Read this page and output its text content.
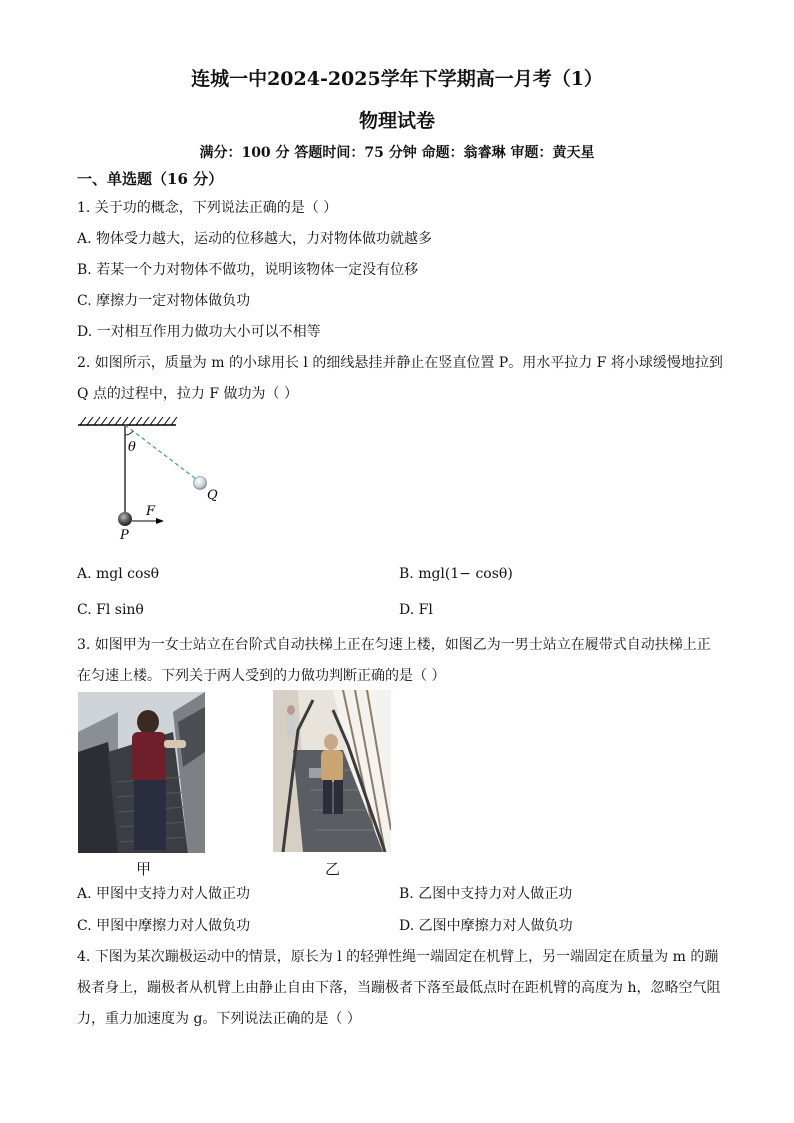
连城一中2024-2025学年下学期高一月考（1）
物理试卷
满分：100 分 答题时间：75 分钟 命题：翁睿琳 审题：黄天星
一、单选题（16 分）
1. 关于功的概念，下列说法正确的是（ ）
A. 物体受力越大，运动的位移越大，力对物体做功就越多
B. 若某一个力对物体不做功，说明该物体一定没有位移
C. 摩擦力一定对物体做负功
D. 一对相互作用力做功大小可以不相等
2. 如图所示，质量为 m 的小球用长 l 的细线悬挂并静止在竖直位置 P。用水平拉力 F 将小球缓慢地拉到
Q 点的过程中，拉力 F 做功为（ ）
θ
Q
F
P
A. mgl cosθ	B. mgl(1− cosθ)
C. Fl sinθ	D. Fl
3. 如图甲为一女士站立在台阶式自动扶梯上正在匀速上楼，如图乙为一男士站立在履带式自动扶梯上正
在匀速上楼。下列关于两人受到的力做功判断正确的是（ ）
甲	乙
A. 甲图中支持力对人做正功	B. 乙图中支持力对人做正功
C. 甲图中摩擦力对人做负功	D. 乙图中摩擦力对人做负功
4. 下图为某次蹦极运动中的情景，原长为 l 的轻弹性绳一端固定在机臂上，另一端固定在质量为 m 的蹦
极者身上，蹦极者从机臂上由静止自由下落，当蹦极者下落至最低点时在距机臂的高度为 h，忽略空气阻
力，重力加速度为 g。下列说法正确的是（ ）
